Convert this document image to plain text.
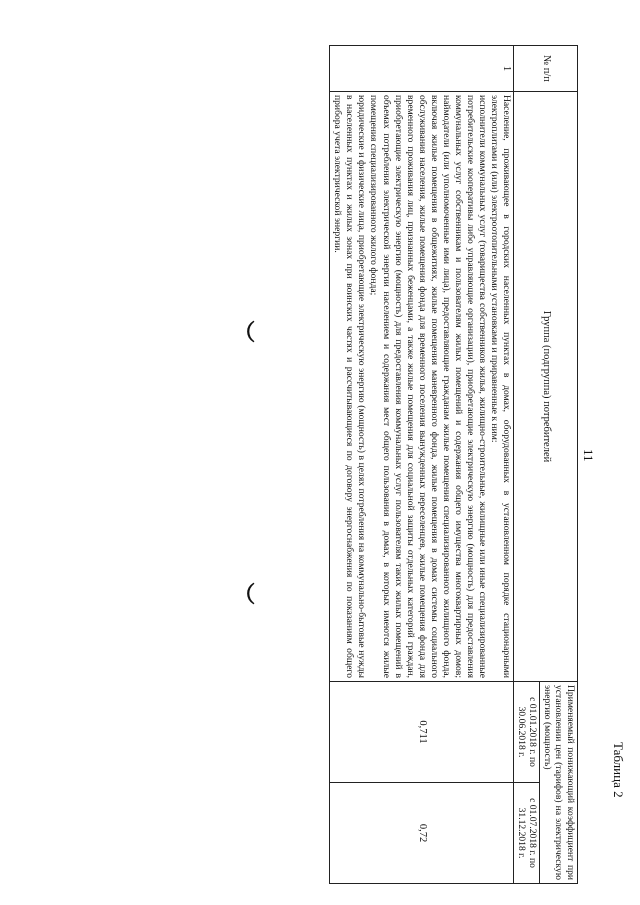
11
Таблица 2
№ п/п	Группа (подгруппа) потребителей	Применяемый понижающий коэффициент при установлении цен (тарифов) на электрическую энергию (мощность)	
		с 01.01.2018 г. по 30.06.2018 г.	с 01.07.2018 г. по 31.12.2018 г.
1	Население, проживающее в городских населенных пунктах в домах, оборудованных в установленном порядке стационарными электроплитами и (или) электроотопительными установками и приравненные к ним:

исполнители коммунальных услуг (товарищества собственников жилья, жилищно-строительные, жилищные или иные специализированные потребительские кооперативы либо управляющие организации), приобретающие электрическую энергию (мощность) для предоставления коммунальных услуг собственникам и пользователям жилых помещений и содержания общего имущества многоквартирных домов; наймодатели (или уполномоченные ими лица), предоставляющие гражданам жилые помещения специализированного жилищного фонда, включая жилые помещения в общежитиях, жилые помещения маневренного фонда, жилые помещения в домах системы социального обслуживания населения, жилые помещения фонда для временного поселения вынужденных переселенцев, жилые помещения фонда для временного проживания лиц, признанных беженцами, а также жилые помещения для социальной защиты отдельных категорий граждан, приобретающие электрическую энергию (мощность) для предоставления коммунальных услуг пользователям таких жилых помещений в объемах потребления электрической энергии населением и содержания мест общего пользования в домах, в которых имеются жилые помещения специализированного жилого фонда;

юридические и физические лица, приобретающие электрическую энергию (мощность) в целях потребления на коммунально-бытовые нужды в населенных пунктах и жилых зонах при воинских частях и рассчитывающиеся по договору энергоснабжения по показаниям общего прибора учета электрической энергии.	0,711	0,72
︵
︵
